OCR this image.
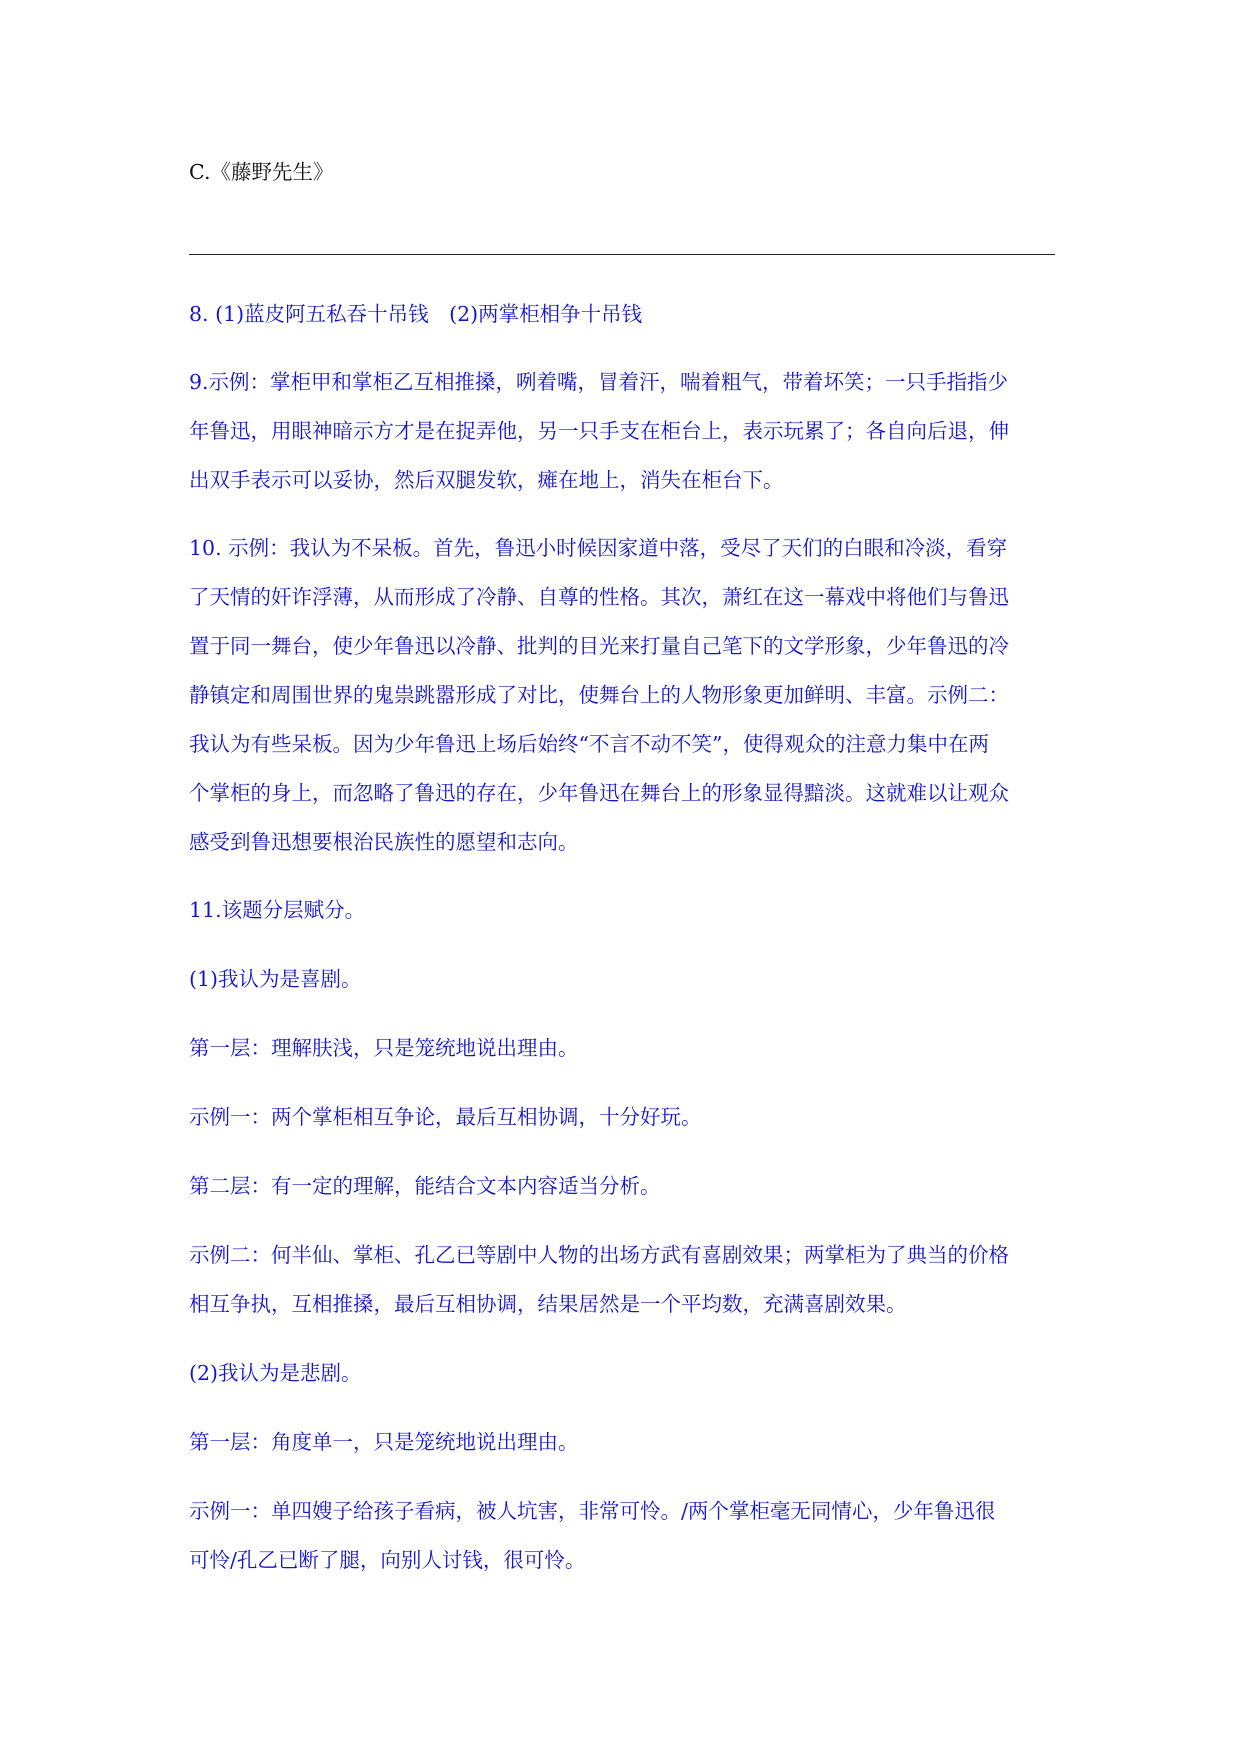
C.《藤野先生》

8. (1)蓝皮阿五私吞十吊钱　(2)两掌柜相争十吊钱

9.示例：掌柜甲和掌柜乙互相推搡，咧着嘴，冒着汗，喘着粗气，带着坏笑；一只手指指少

年鲁迅，用眼神暗示方才是在捉弄他，另一只手支在柜台上，表示玩累了；各自向后退，伸

出双手表示可以妥协，然后双腿发软，瘫在地上，消失在柜台下。

10. 示例：我认为不呆板。首先，鲁迅小时候因家道中落，受尽了天们的白眼和冷淡，看穿

了天情的奸诈浮薄，从而形成了冷静、自尊的性格。其次，萧红在这一幕戏中将他们与鲁迅

置于同一舞台，使少年鲁迅以冷静、批判的目光来打量自己笔下的文学形象，少年鲁迅的冷

静镇定和周围世界的鬼祟跳嚣形成了对比，使舞台上的人物形象更加鲜明、丰富。示例二：

我认为有些呆板。因为少年鲁迅上场后始终“不言不动不笑”，使得观众的注意力集中在两

个掌柜的身上，而忽略了鲁迅的存在，少年鲁迅在舞台上的形象显得黯淡。这就难以让观众

感受到鲁迅想要根治民族性的愿望和志向。

11.该题分层赋分。

(1)我认为是喜剧。

第一层：理解肤浅，只是笼统地说出理由。

示例一：两个掌柜相互争论，最后互相协调，十分好玩。

第二层：有一定的理解，能结合文本内容适当分析。

示例二：何半仙、掌柜、孔乙已等剧中人物的出场方武有喜剧效果；两掌柜为了典当的价格

相互争执，互相推搡，最后互相协调，结果居然是一个平均数，充满喜剧效果。

(2)我认为是悲剧。

第一层：角度单一，只是笼统地说出理由。

示例一：单四嫂子给孩子看病，被人坑害，非常可怜。/两个掌柜毫无同情心，少年鲁迅很

可怜/孔乙已断了腿，向别人讨钱，很可怜。
